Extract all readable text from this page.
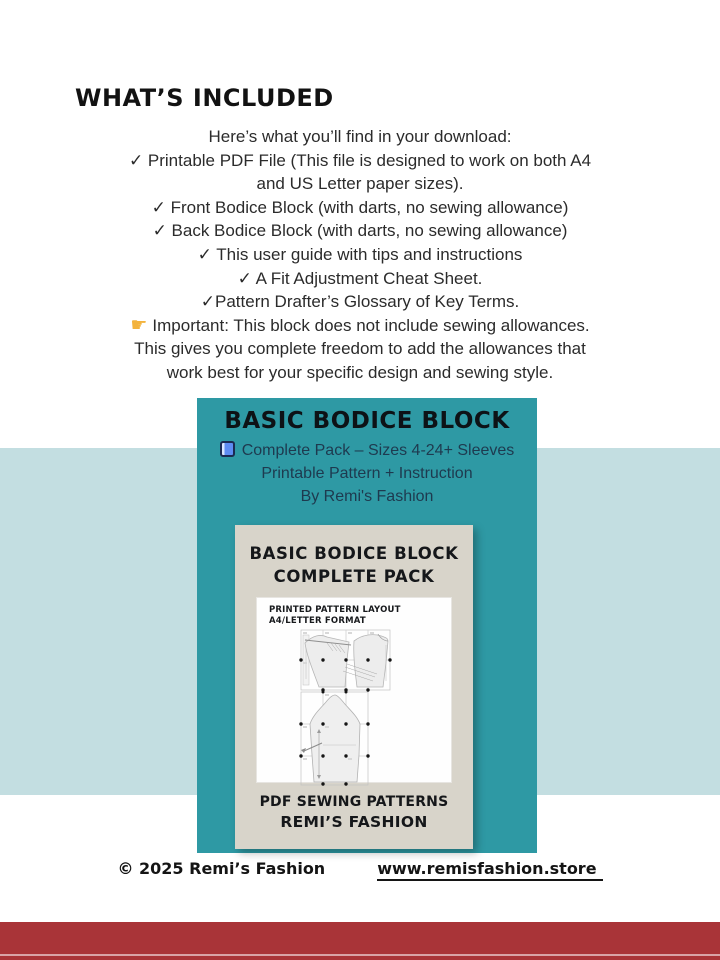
WHAT’S INCLUDED
Here’s what you’ll find in your download:
✓ Printable PDF File (This file is designed to work on both A4
and US Letter paper sizes).
✓ Front Bodice Block (with darts, no sewing allowance)
✓ Back Bodice Block (with darts, no sewing allowance)
✓ This user guide with tips and instructions
✓ A Fit Adjustment Cheat Sheet.
✓Pattern Drafter’s Glossary of Key Terms.
☛ Important: This block does not include sewing allowances.
This gives you complete freedom to add the allowances that
work best for your specific design and sewing style.
BASIC BODICE BLOCK
Complete Pack – Sizes 4-24+ Sleeves
Printable Pattern + Instruction
By Remi's Fashion
BASIC BODICE BLOCK
COMPLETE PACK
PRINTED PATTERN LAYOUT
A4/LETTER FORMAT
PDF SEWING PATTERNS
REMI’S FASHION
© 2025 Remi’s Fashion	www.remisfashion.store
